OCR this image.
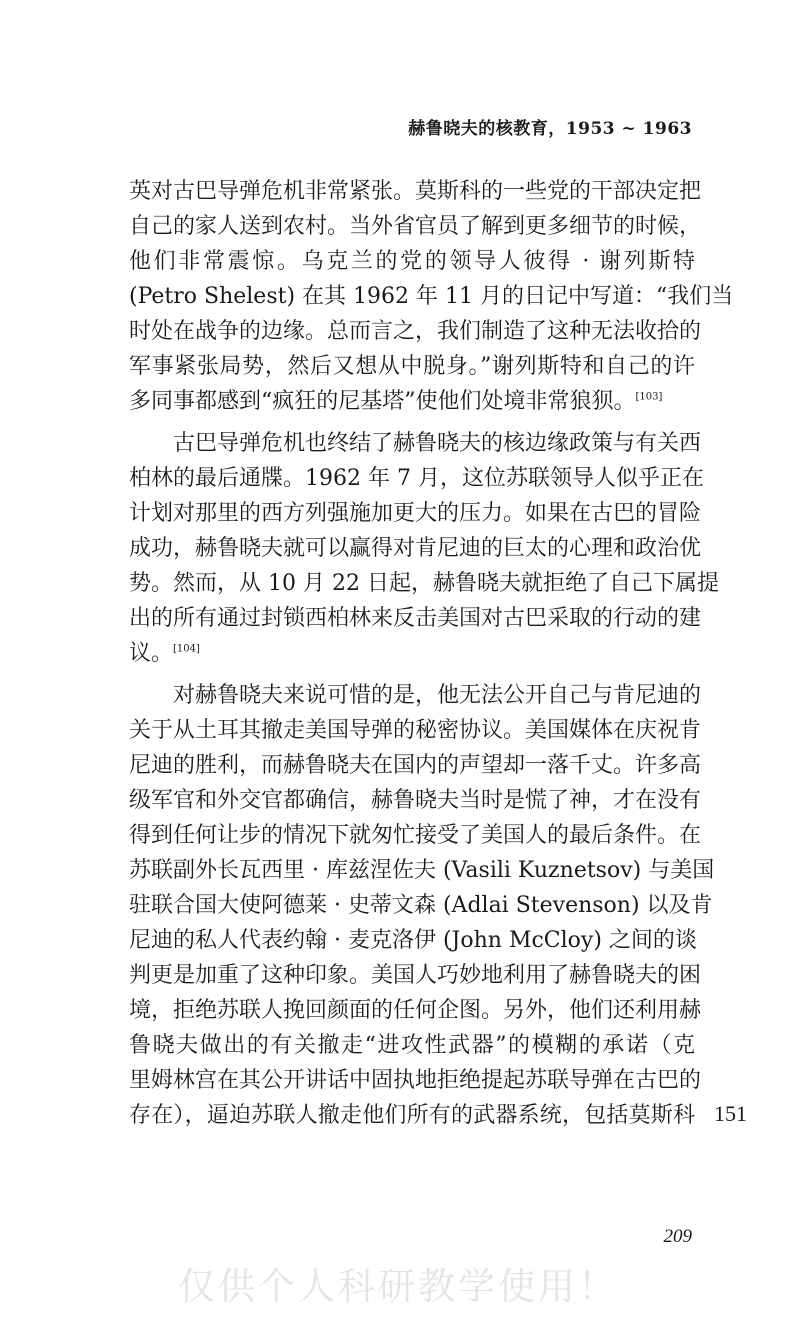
赫鲁晓夫的核教育，1953 ~ 1963
英对古巴导弹危机非常紧张。莫斯科的一些党的干部决定把
自己的家人送到农村。当外省官员了解到更多细节的时候，
他们非常震惊。乌克兰的党的领导人彼得 · 谢列斯特
(Petro Shelest) 在其 1962 年 11 月的日记中写道：“我们当
时处在战争的边缘。总而言之，我们制造了这种无法收拾的
军事紧张局势，然后又想从中脱身。”谢列斯特和自己的许
多同事都感到“疯狂的尼基塔”使他们处境非常狼狈。[103]
古巴导弹危机也终结了赫鲁晓夫的核边缘政策与有关西
柏林的最后通牒。1962 年 7 月，这位苏联领导人似乎正在
计划对那里的西方列强施加更大的压力。如果在古巴的冒险
成功，赫鲁晓夫就可以赢得对肯尼迪的巨太的心理和政治优
势。然而，从 10 月 22 日起，赫鲁晓夫就拒绝了自己下属提
出的所有通过封锁西柏林来反击美国对古巴采取的行动的建
议。[104]
对赫鲁晓夫来说可惜的是，他无法公开自己与肯尼迪的
关于从土耳其撤走美国导弹的秘密协议。美国媒体在庆祝肯
尼迪的胜利，而赫鲁晓夫在国内的声望却一落千丈。许多高
级军官和外交官都确信，赫鲁晓夫当时是慌了神，才在没有
得到任何让步的情况下就匆忙接受了美国人的最后条件。在
苏联副外长瓦西里 · 库兹涅佐夫 (Vasili Kuznetsov) 与美国
驻联合国大使阿德莱 · 史蒂文森 (Adlai Stevenson) 以及肯
尼迪的私人代表约翰 · 麦克洛伊 (John McCloy) 之间的谈
判更是加重了这种印象。美国人巧妙地利用了赫鲁晓夫的困
境，拒绝苏联人挽回颜面的任何企图。另外，他们还利用赫
鲁晓夫做出的有关撤走“进攻性武器”的模糊的承诺（克
里姆林宫在其公开讲话中固执地拒绝提起苏联导弹在古巴的
存在），逼迫苏联人撤走他们所有的武器系统，包括莫斯科 151
209
仅供个人科研教学使用！
